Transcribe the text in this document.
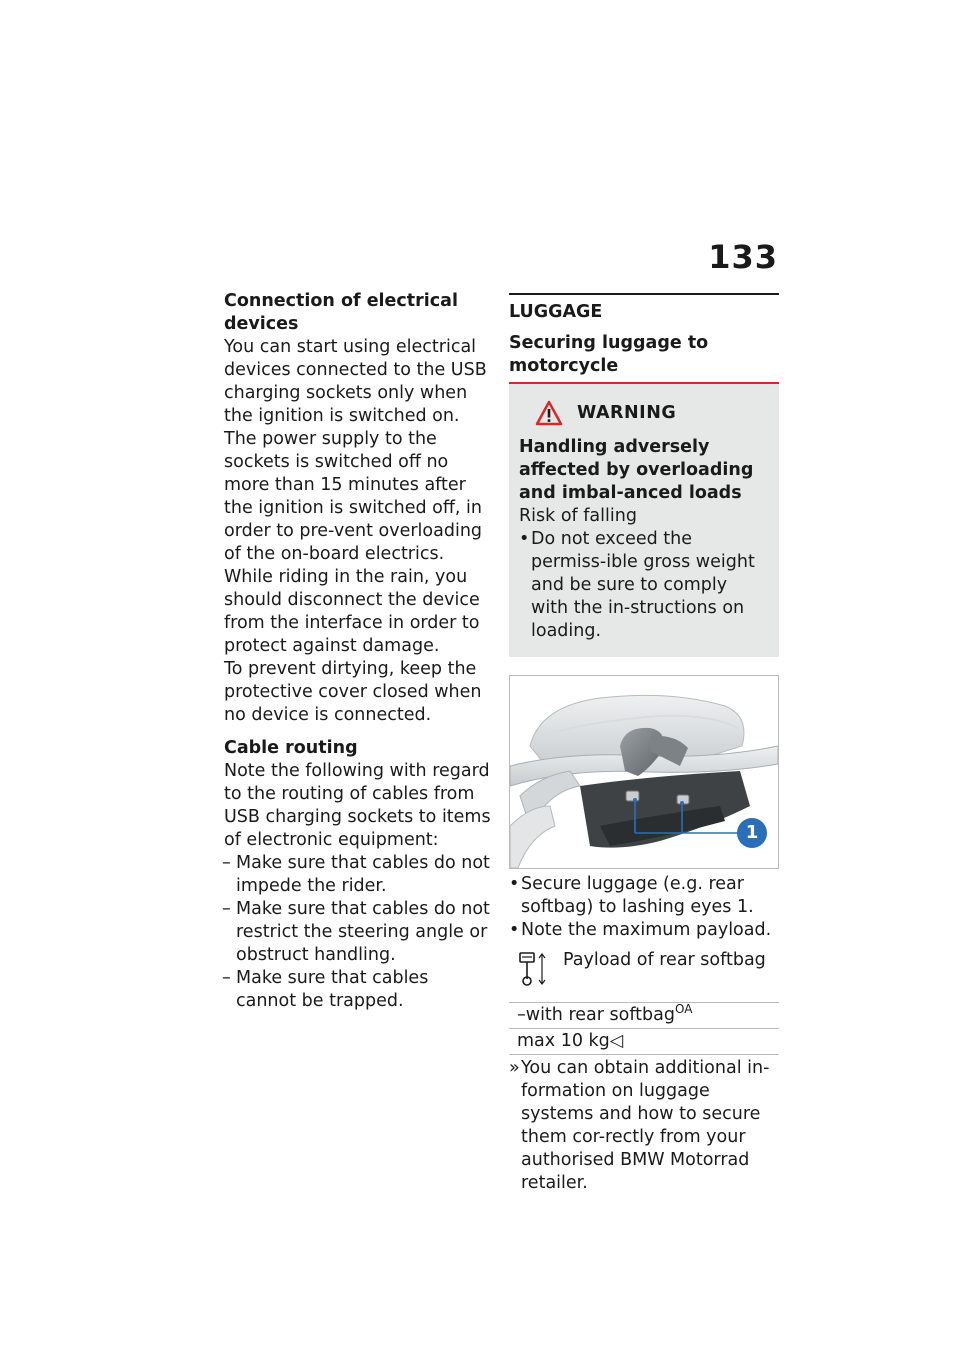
133

Connection of electrical devices

You can start using electrical devices connected to the USB charging sockets only when the ignition is switched on. The power supply to the sockets is switched off no more than 15 minutes after the ignition is switched off, in order to pre-vent overloading of the on-board electrics.

While riding in the rain, you should disconnect the device from the interface in order to protect against damage.

To prevent dirtying, keep the protective cover closed when no device is connected.

Cable routing

Note the following with regard to the routing of cables from USB charging sockets to items of electronic equipment:

– Make sure that cables do not impede the rider.
– Make sure that cables do not restrict the steering angle or obstruct handling.
– Make sure that cables cannot be trapped.

LUGGAGE

Securing luggage to motorcycle

WARNING

Handling adversely affected by overloading and imbal-anced loads

Risk of falling

• Do not exceed the permiss-ible gross weight and be sure to comply with the in-structions on loading.
1
• Secure luggage (e.g. rear softbag) to lashing eyes 1.
• Note the maximum payload.
Payload of rear softbag

–with rear softbag$^{OA}$
max 10 kg◁
» You can obtain additional in-formation on luggage systems and how to secure them cor-rectly from your authorised BMW Motorrad retailer.
